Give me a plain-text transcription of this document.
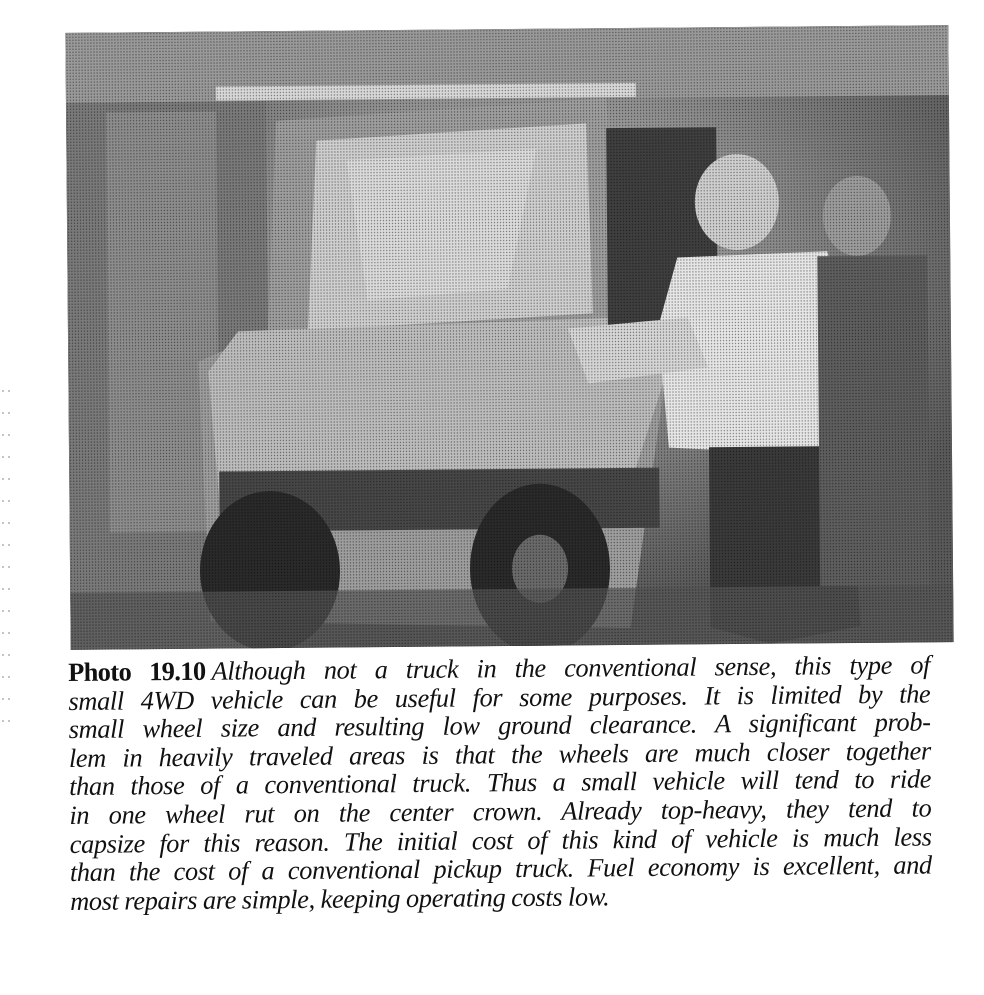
Photo 19.10 Although not a truck in the conventional sense, this type of
small 4WD vehicle can be useful for some purposes. It is limited by the
small wheel size and resulting low ground clearance. A significant prob-
lem in heavily traveled areas is that the wheels are much closer together
than those of a conventional truck. Thus a small vehicle will tend to ride
in one wheel rut on the center crown. Already top-heavy, they tend to
capsize for this reason. The initial cost of this kind of vehicle is much less
than the cost of a conventional pickup truck. Fuel economy is excellent, and
most repairs are simple, keeping operating costs low.
